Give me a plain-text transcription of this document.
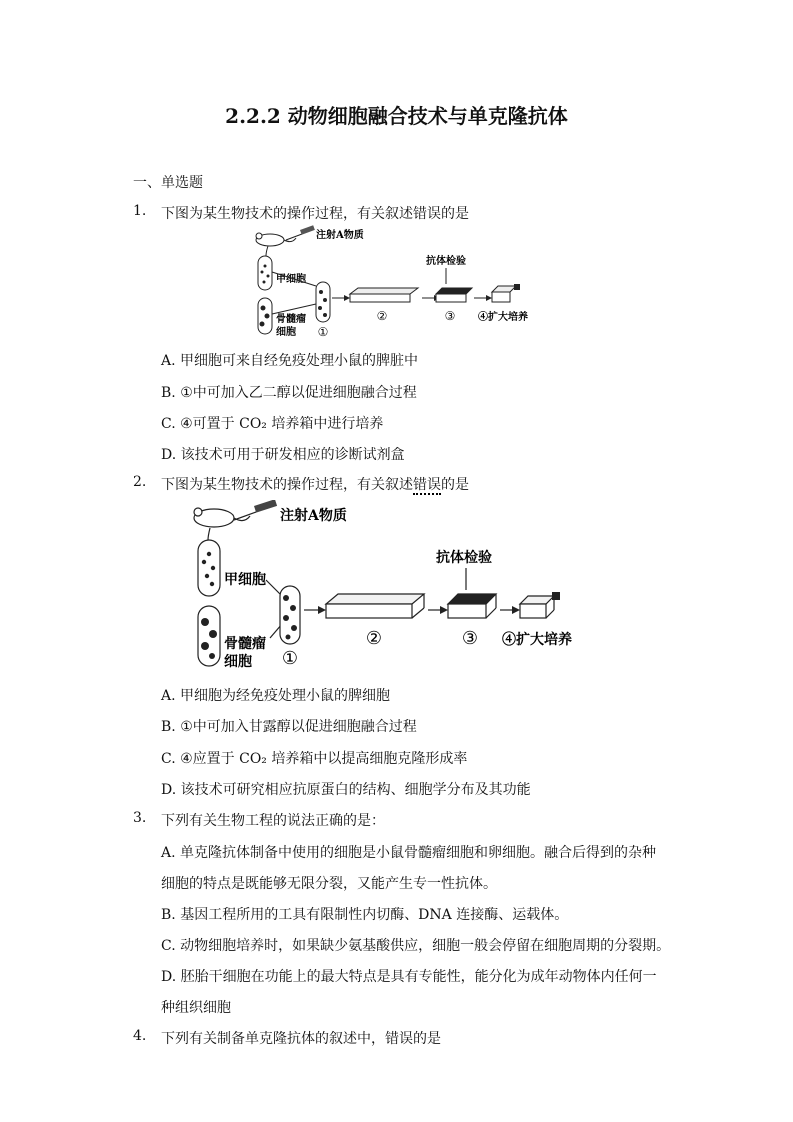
2.2.2 动物细胞融合技术与单克隆抗体
一、单选题
1. 下图为某生物技术的操作过程，有关叙述错误的是
注射A物质
甲细胞
骨髓瘤
细胞 ①
②
抗体检验
③ ④扩大培养
A. 甲细胞可来自经免疫处理小鼠的脾脏中
B. ①中可加入乙二醇以促进细胞融合过程
C. ④可置于 CO₂ 培养箱中进行培养
D. 该技术可用于研发相应的诊断试剂盒
2. 下图为某生物技术的操作过程，有关叙述错误的是
注射A物质
甲细胞
骨髓瘤
细胞 ①
②
抗体检验
③ ④扩大培养
A. 甲细胞为经免疫处理小鼠的脾细胞
B. ①中可加入甘露醇以促进细胞融合过程
C. ④应置于 CO₂ 培养箱中以提高细胞克隆形成率
D. 该技术可研究相应抗原蛋白的结构、细胞学分布及其功能
3. 下列有关生物工程的说法正确的是：
A. 单克隆抗体制备中使用的细胞是小鼠骨髓瘤细胞和卵细胞。融合后得到的杂种
细胞的特点是既能够无限分裂，又能产生专一性抗体。
B. 基因工程所用的工具有限制性内切酶、DNA 连接酶、运载体。
C. 动物细胞培养时，如果缺少氨基酸供应，细胞一般会停留在细胞周期的分裂期。
D. 胚胎干细胞在功能上的最大特点是具有专能性，能分化为成年动物体内任何一
种组织细胞
4. 下列有关制备单克隆抗体的叙述中，错误的是
